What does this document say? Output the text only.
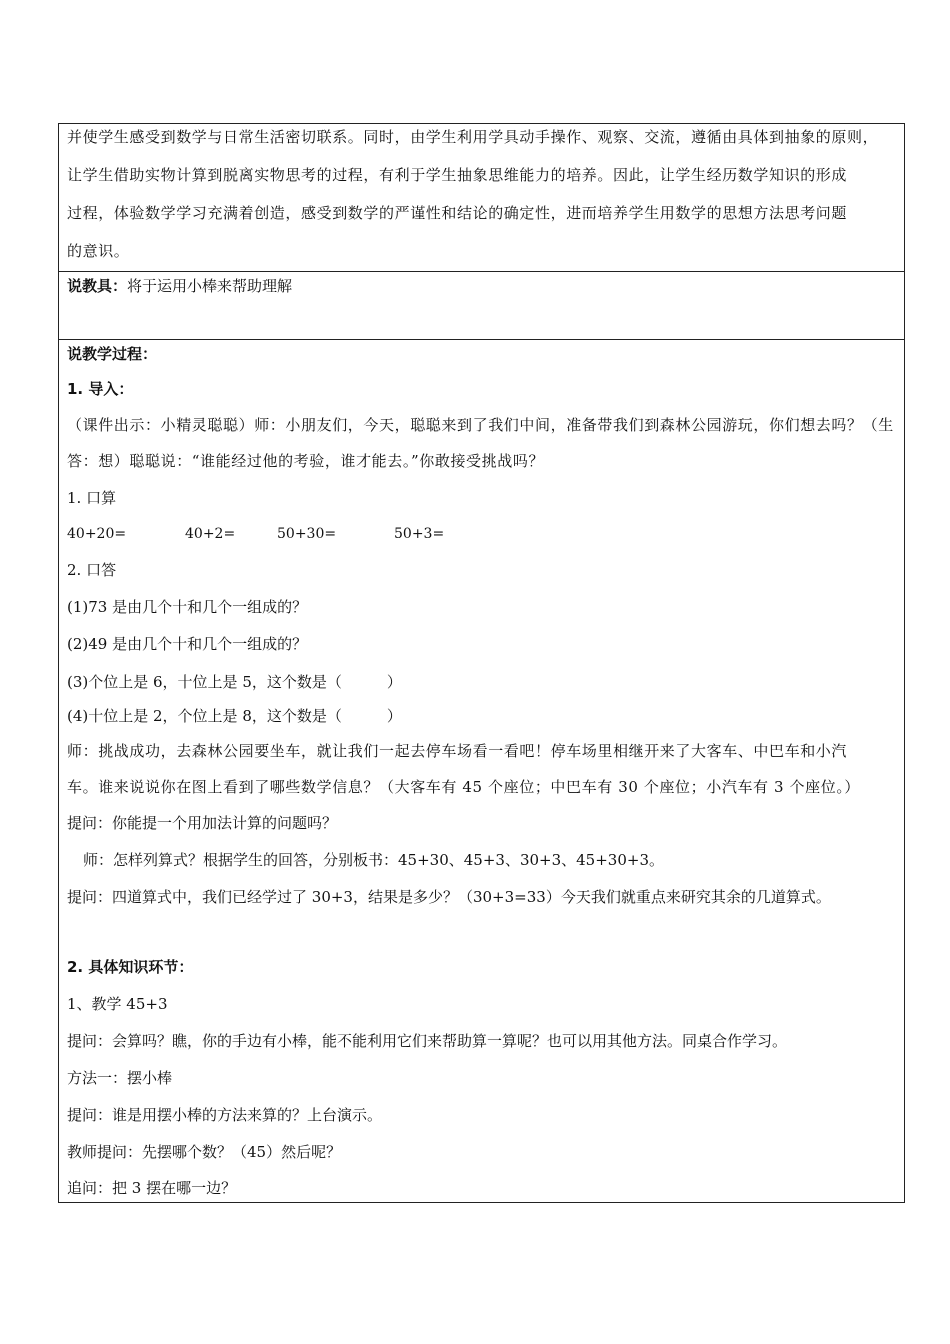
并使学生感受到数学与日常生活密切联系。同时，由学生利用学具动手操作、观察、交流，遵循由具体到抽象的原则，
让学生借助实物计算到脱离实物思考的过程，有利于学生抽象思维能力的培养。因此，让学生经历数学知识的形成
过程，体验数学学习充满着创造，感受到数学的严谨性和结论的确定性，进而培养学生用数学的思想方法思考问题
的意识。
说教具：将于运用小棒来帮助理解
说教学过程：
1. 导入：
（课件出示：小精灵聪聪）师：小朋友们，今天，聪聪来到了我们中间，准备带我们到森林公园游玩，你们想去吗？（生
答：想）聪聪说：“谁能经过他的考验，谁才能去。”你敢接受挑战吗？
1. 口算
40+20=	40+2=	50+30=	50+3=
2. 口答
(1)73 是由几个十和几个一组成的？
(2)49 是由几个十和几个一组成的？
(3)个位上是 6，十位上是 5，这个数是（　　　）
(4)十位上是 2，个位上是 8，这个数是（　　　）
师：挑战成功，去森林公园要坐车，就让我们一起去停车场看一看吧！停车场里相继开来了大客车、中巴车和小汽
车。谁来说说你在图上看到了哪些数学信息？（大客车有 45 个座位；中巴车有 30 个座位；小汽车有 3 个座位。）
提问：你能提一个用加法计算的问题吗？
师：怎样列算式？根据学生的回答，分别板书：45+30、45+3、30+3、45+30+3。
提问：四道算式中，我们已经学过了 30+3，结果是多少？（30+3=33）今天我们就重点来研究其余的几道算式。
2. 具体知识环节：
1、教学 45+3
提问：会算吗？瞧，你的手边有小棒，能不能利用它们来帮助算一算呢？也可以用其他方法。同桌合作学习。
方法一：摆小棒
提问：谁是用摆小棒的方法来算的？上台演示。
教师提问：先摆哪个数？（45）然后呢？
追问：把 3 摆在哪一边？
